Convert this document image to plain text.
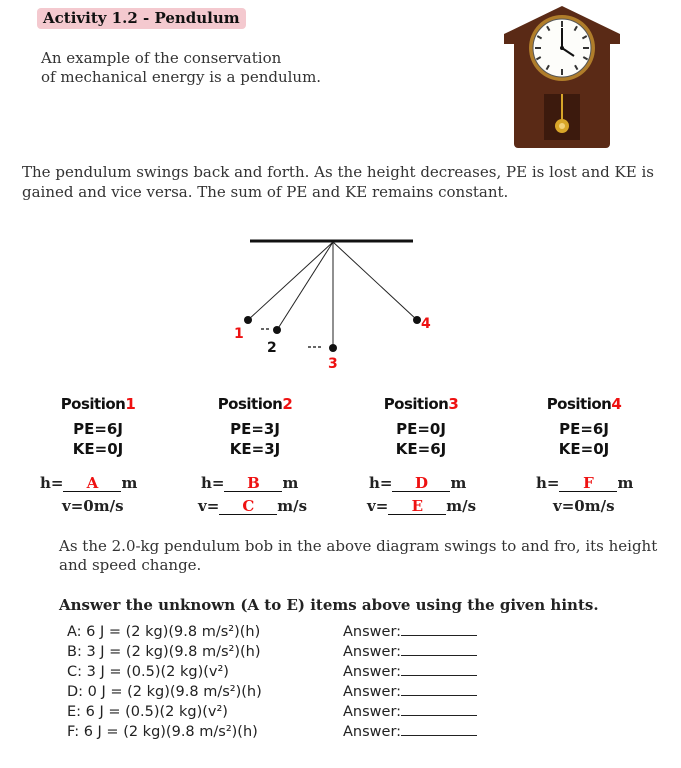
Activity 1.2 - Pendulum
An example of the conservation
of mechanical energy is a pendulum.
The pendulum swings back and forth. As the height decreases, PE is lost and KE is gained and vice versa. The sum of PE and KE remains constant.
1
2
3
4
Position1
PE=6J
KE=0J
h= A m
v=0m/s
Position2
PE=3J
KE=3J
h= B m
v= C m/s
Position3
PE=0J
KE=6J
h= D m
v= E m/s
Position4
PE=6J
KE=0J
h= F m
v=0m/s
As the 2.0-kg pendulum bob in the above diagram swings to and fro, its height and speed change.
Answer the unknown (A to E) items above using the given hints.
A: 6 J = (2 kg)(9.8 m/s²)(h)
B: 3 J = (2 kg)(9.8 m/s²)(h)
C: 3 J = (0.5)(2 kg)(v²)
D: 0 J = (2 kg)(9.8 m/s²)(h)
E: 6 J = (0.5)(2 kg)(v²)
F: 6 J = (2 kg)(9.8 m/s²)(h)
Answer:
Answer:
Answer:
Answer:
Answer:
Answer:
